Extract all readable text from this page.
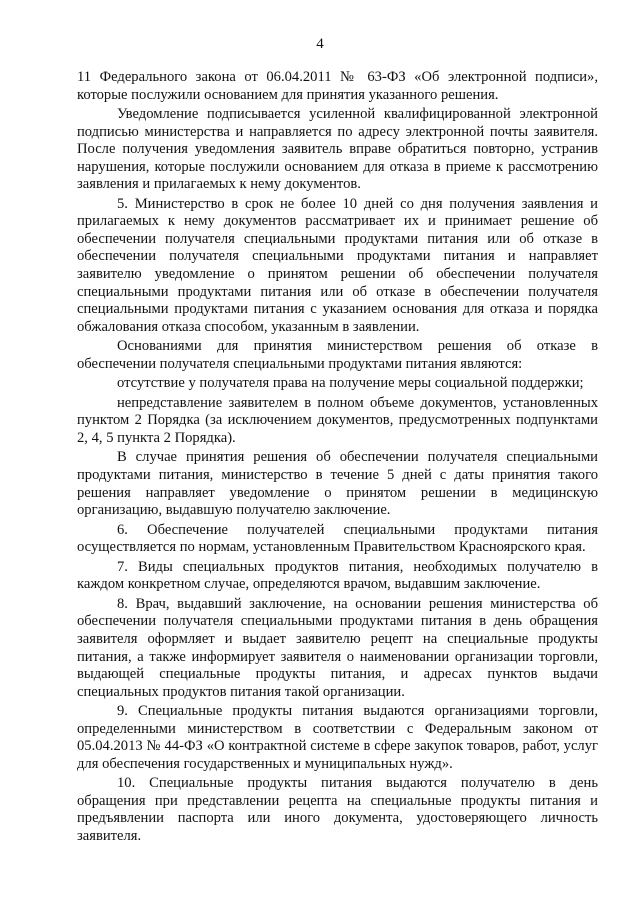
4

11 Федерального закона от 06.04.2011 № 63-ФЗ «Об электронной подписи», которые послужили основанием для принятия указанного решения.

Уведомление подписывается усиленной квалифицированной электронной подписью министерства и направляется по адресу электронной почты заявителя. После получения уведомления заявитель вправе обратиться повторно, устранив нарушения, которые послужили основанием для отказа в приеме к рассмотрению заявления и прилагаемых к нему документов.

5. Министерство в срок не более 10 дней со дня получения заявления и прилагаемых к нему документов рассматривает их и принимает решение об обеспечении получателя специальными продуктами питания или об отказе в обеспечении получателя специальными продуктами питания и направляет заявителю уведомление о принятом решении об обеспечении получателя специальными продуктами питания или об отказе в обеспечении получателя специальными продуктами питания с указанием основания для отказа и порядка обжалования отказа способом, указанным в заявлении.

Основаниями для принятия министерством решения об отказе в обеспечении получателя специальными продуктами питания являются:

отсутствие у получателя права на получение меры социальной поддержки;

непредставление заявителем в полном объеме документов, установленных пунктом 2 Порядка (за исключением документов, предусмотренных подпунктами 2, 4, 5 пункта 2 Порядка).

В случае принятия решения об обеспечении получателя специальными продуктами питания, министерство в течение 5 дней с даты принятия такого решения направляет уведомление о принятом решении в медицинскую организацию, выдавшую получателю заключение.

6. Обеспечение получателей специальными продуктами питания осуществляется по нормам, установленным Правительством Красноярского края.

7. Виды специальных продуктов питания, необходимых получателю в каждом конкретном случае, определяются врачом, выдавшим заключение.

8. Врач, выдавший заключение, на основании решения министерства об обеспечении получателя специальными продуктами питания в день обращения заявителя оформляет и выдает заявителю рецепт на специальные продукты питания, а также информирует заявителя о наименовании организации торговли, выдающей специальные продукты питания, и адресах пунктов выдачи специальных продуктов питания такой организации.

9. Специальные продукты питания выдаются организациями торговли, определенными министерством в соответствии с Федеральным законом от 05.04.2013 № 44-ФЗ «О контрактной системе в сфере закупок товаров, работ, услуг для обеспечения государственных и муниципальных нужд».

10. Специальные продукты питания выдаются получателю в день обращения при представлении рецепта на специальные продукты питания и предъявлении паспорта или иного документа, удостоверяющего личность заявителя.
